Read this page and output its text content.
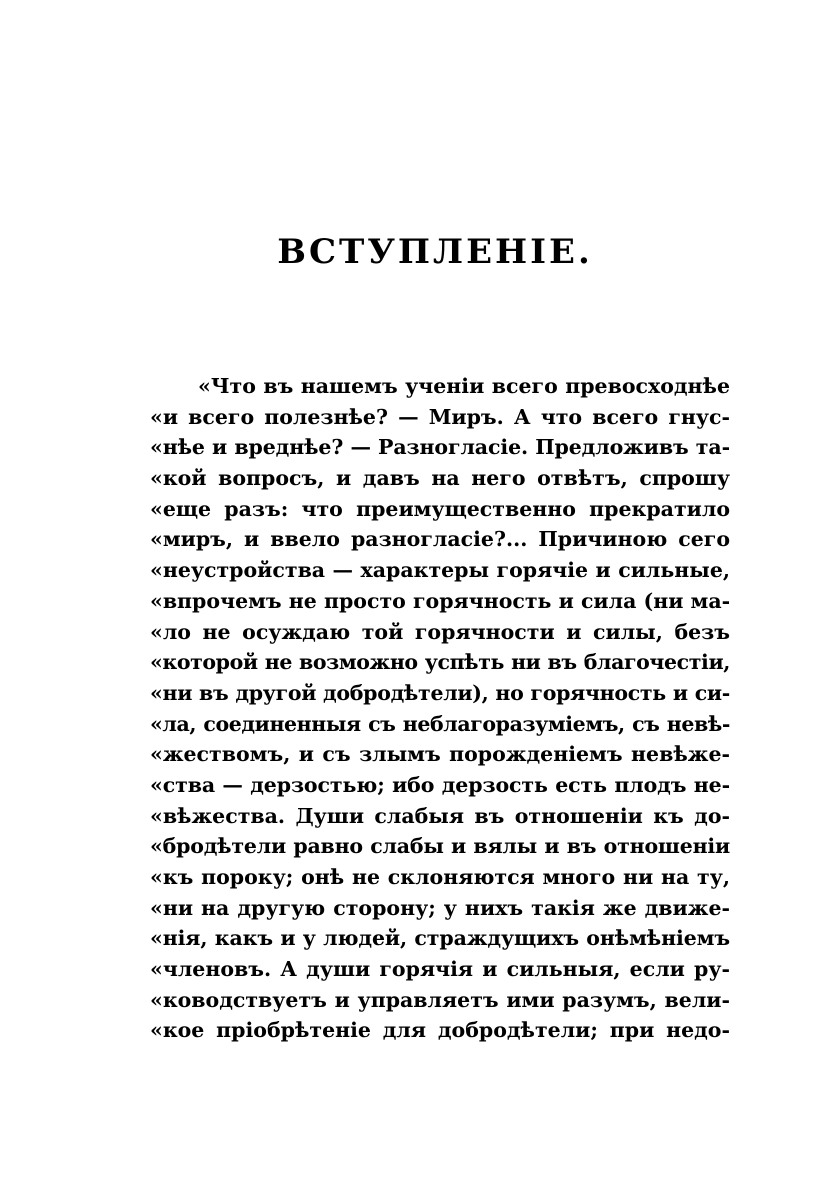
ВСТУПЛЕНІЕ.
«Что въ нашемъ ученіи всего превосходнѣе
«и всего полезнѣе? — Миръ. А что всего гнус-
«нѣе и вреднѣе? — Разногласіе. Предложивъ та-
«кой вопросъ, и давъ на него отвѣтъ, спрошу
«еще разъ: что преимущественно прекратило
«миръ, и ввело разногласіе?... Причиною сего
«неустройства — характеры горячіе и сильные,
«впрочемъ не просто горячность и сила (ни ма-
«ло не осуждаю той горячности и силы, безъ
«которой не возможно успѣть ни въ благочестіи,
«ни въ другой добродѣтели), но горячность и си-
«ла, соединенныя съ неблагоразуміемъ, съ невѣ-
«жествомъ, и съ злымъ порожденіемъ невѣже-
«ства — дерзостью; ибо дерзость есть плодъ не-
«вѣжества. Души слабыя въ отношеніи къ до-
«бродѣтели равно слабы и вялы и въ отношеніи
«къ пороку; онѣ не склоняются много ни на ту,
«ни на другую сторону; у нихъ такія же движе-
«нія, какъ и у людей, страждущихъ онѣмѣніемъ
«членовъ. А души горячія и сильныя, если ру-
«ководствуетъ и управляетъ ими разумъ, вели-
«кое пріобрѣтеніе для добродѣтели; при недо-
